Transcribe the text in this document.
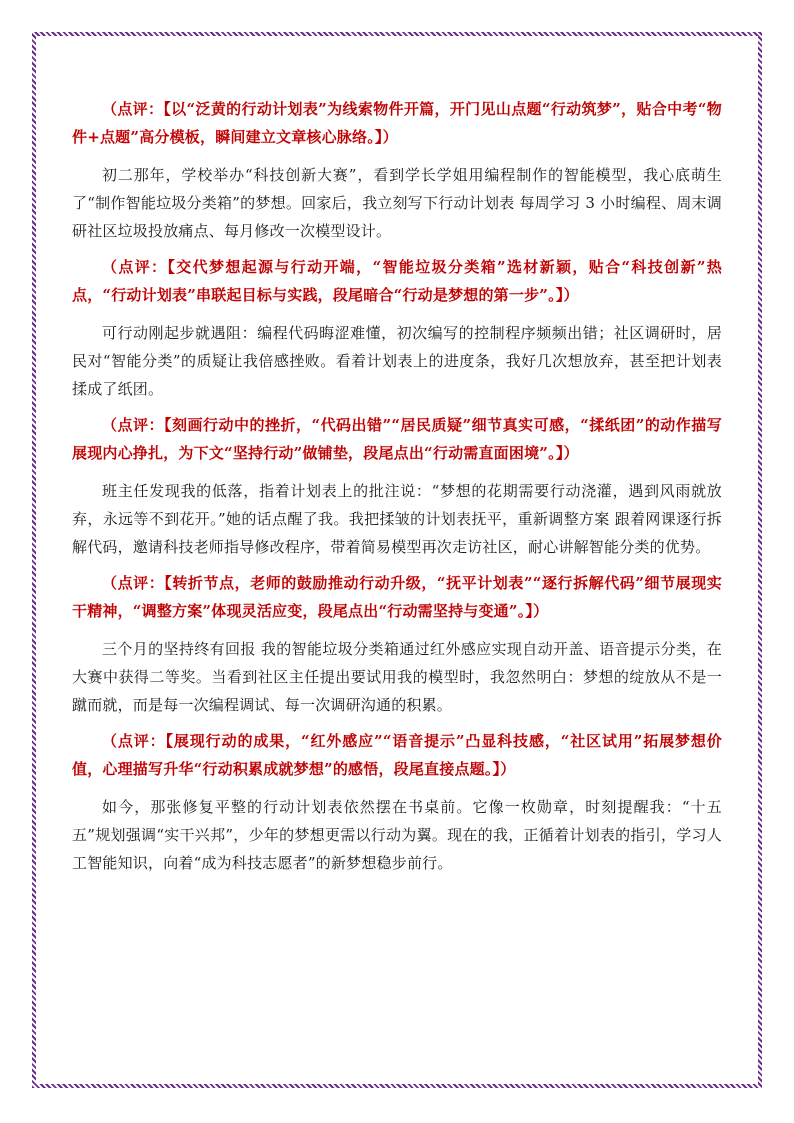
（点评：【以“泛黄的行动计划表”为线索物件开篇，开门见山点题“行动筑梦”，贴合中考“物件+点题”高分模板，瞬间建立文章核心脉络。】）

初二那年，学校举办“科技创新大赛”，看到学长学姐用编程制作的智能模型，我心底萌生了“制作智能垃圾分类箱”的梦想。回家后，我立刻写下行动计划表 每周学习 3 小时编程、周末调研社区垃圾投放痛点、每月修改一次模型设计。

（点评：【交代梦想起源与行动开端，“智能垃圾分类箱”选材新颖，贴合“科技创新”热点，“行动计划表”串联起目标与实践，段尾暗合“行动是梦想的第一步”。】）

可行动刚起步就遇阻：编程代码晦涩难懂，初次编写的控制程序频频出错；社区调研时，居民对“智能分类”的质疑让我倍感挫败。看着计划表上的进度条，我好几次想放弃，甚至把计划表揉成了纸团。

（点评：【刻画行动中的挫折，“代码出错”“居民质疑”细节真实可感，“揉纸团”的动作描写展现内心挣扎，为下文“坚持行动”做铺垫，段尾点出“行动需直面困境”。】）

班主任发现我的低落，指着计划表上的批注说：“梦想的花期需要行动浇灌，遇到风雨就放弃，永远等不到花开。”她的话点醒了我。我把揉皱的计划表抚平，重新调整方案 跟着网课逐行拆解代码，邀请科技老师指导修改程序，带着简易模型再次走访社区，耐心讲解智能分类的优势。

（点评：【转折节点，老师的鼓励推动行动升级，“抚平计划表”“逐行拆解代码”细节展现实干精神，“调整方案”体现灵活应变，段尾点出“行动需坚持与变通”。】）

三个月的坚持终有回报 我的智能垃圾分类箱通过红外感应实现自动开盖、语音提示分类，在大赛中获得二等奖。当看到社区主任提出要试用我的模型时，我忽然明白：梦想的绽放从不是一蹴而就，而是每一次编程调试、每一次调研沟通的积累。

（点评：【展现行动的成果，“红外感应”“语音提示”凸显科技感，“社区试用”拓展梦想价值，心理描写升华“行动积累成就梦想”的感悟，段尾直接点题。】）

如今，那张修复平整的行动计划表依然摆在书桌前。它像一枚勋章，时刻提醒我：“十五五”规划强调“实干兴邦”，少年的梦想更需以行动为翼。现在的我，正循着计划表的指引，学习人工智能知识，向着“成为科技志愿者”的新梦想稳步前行。
